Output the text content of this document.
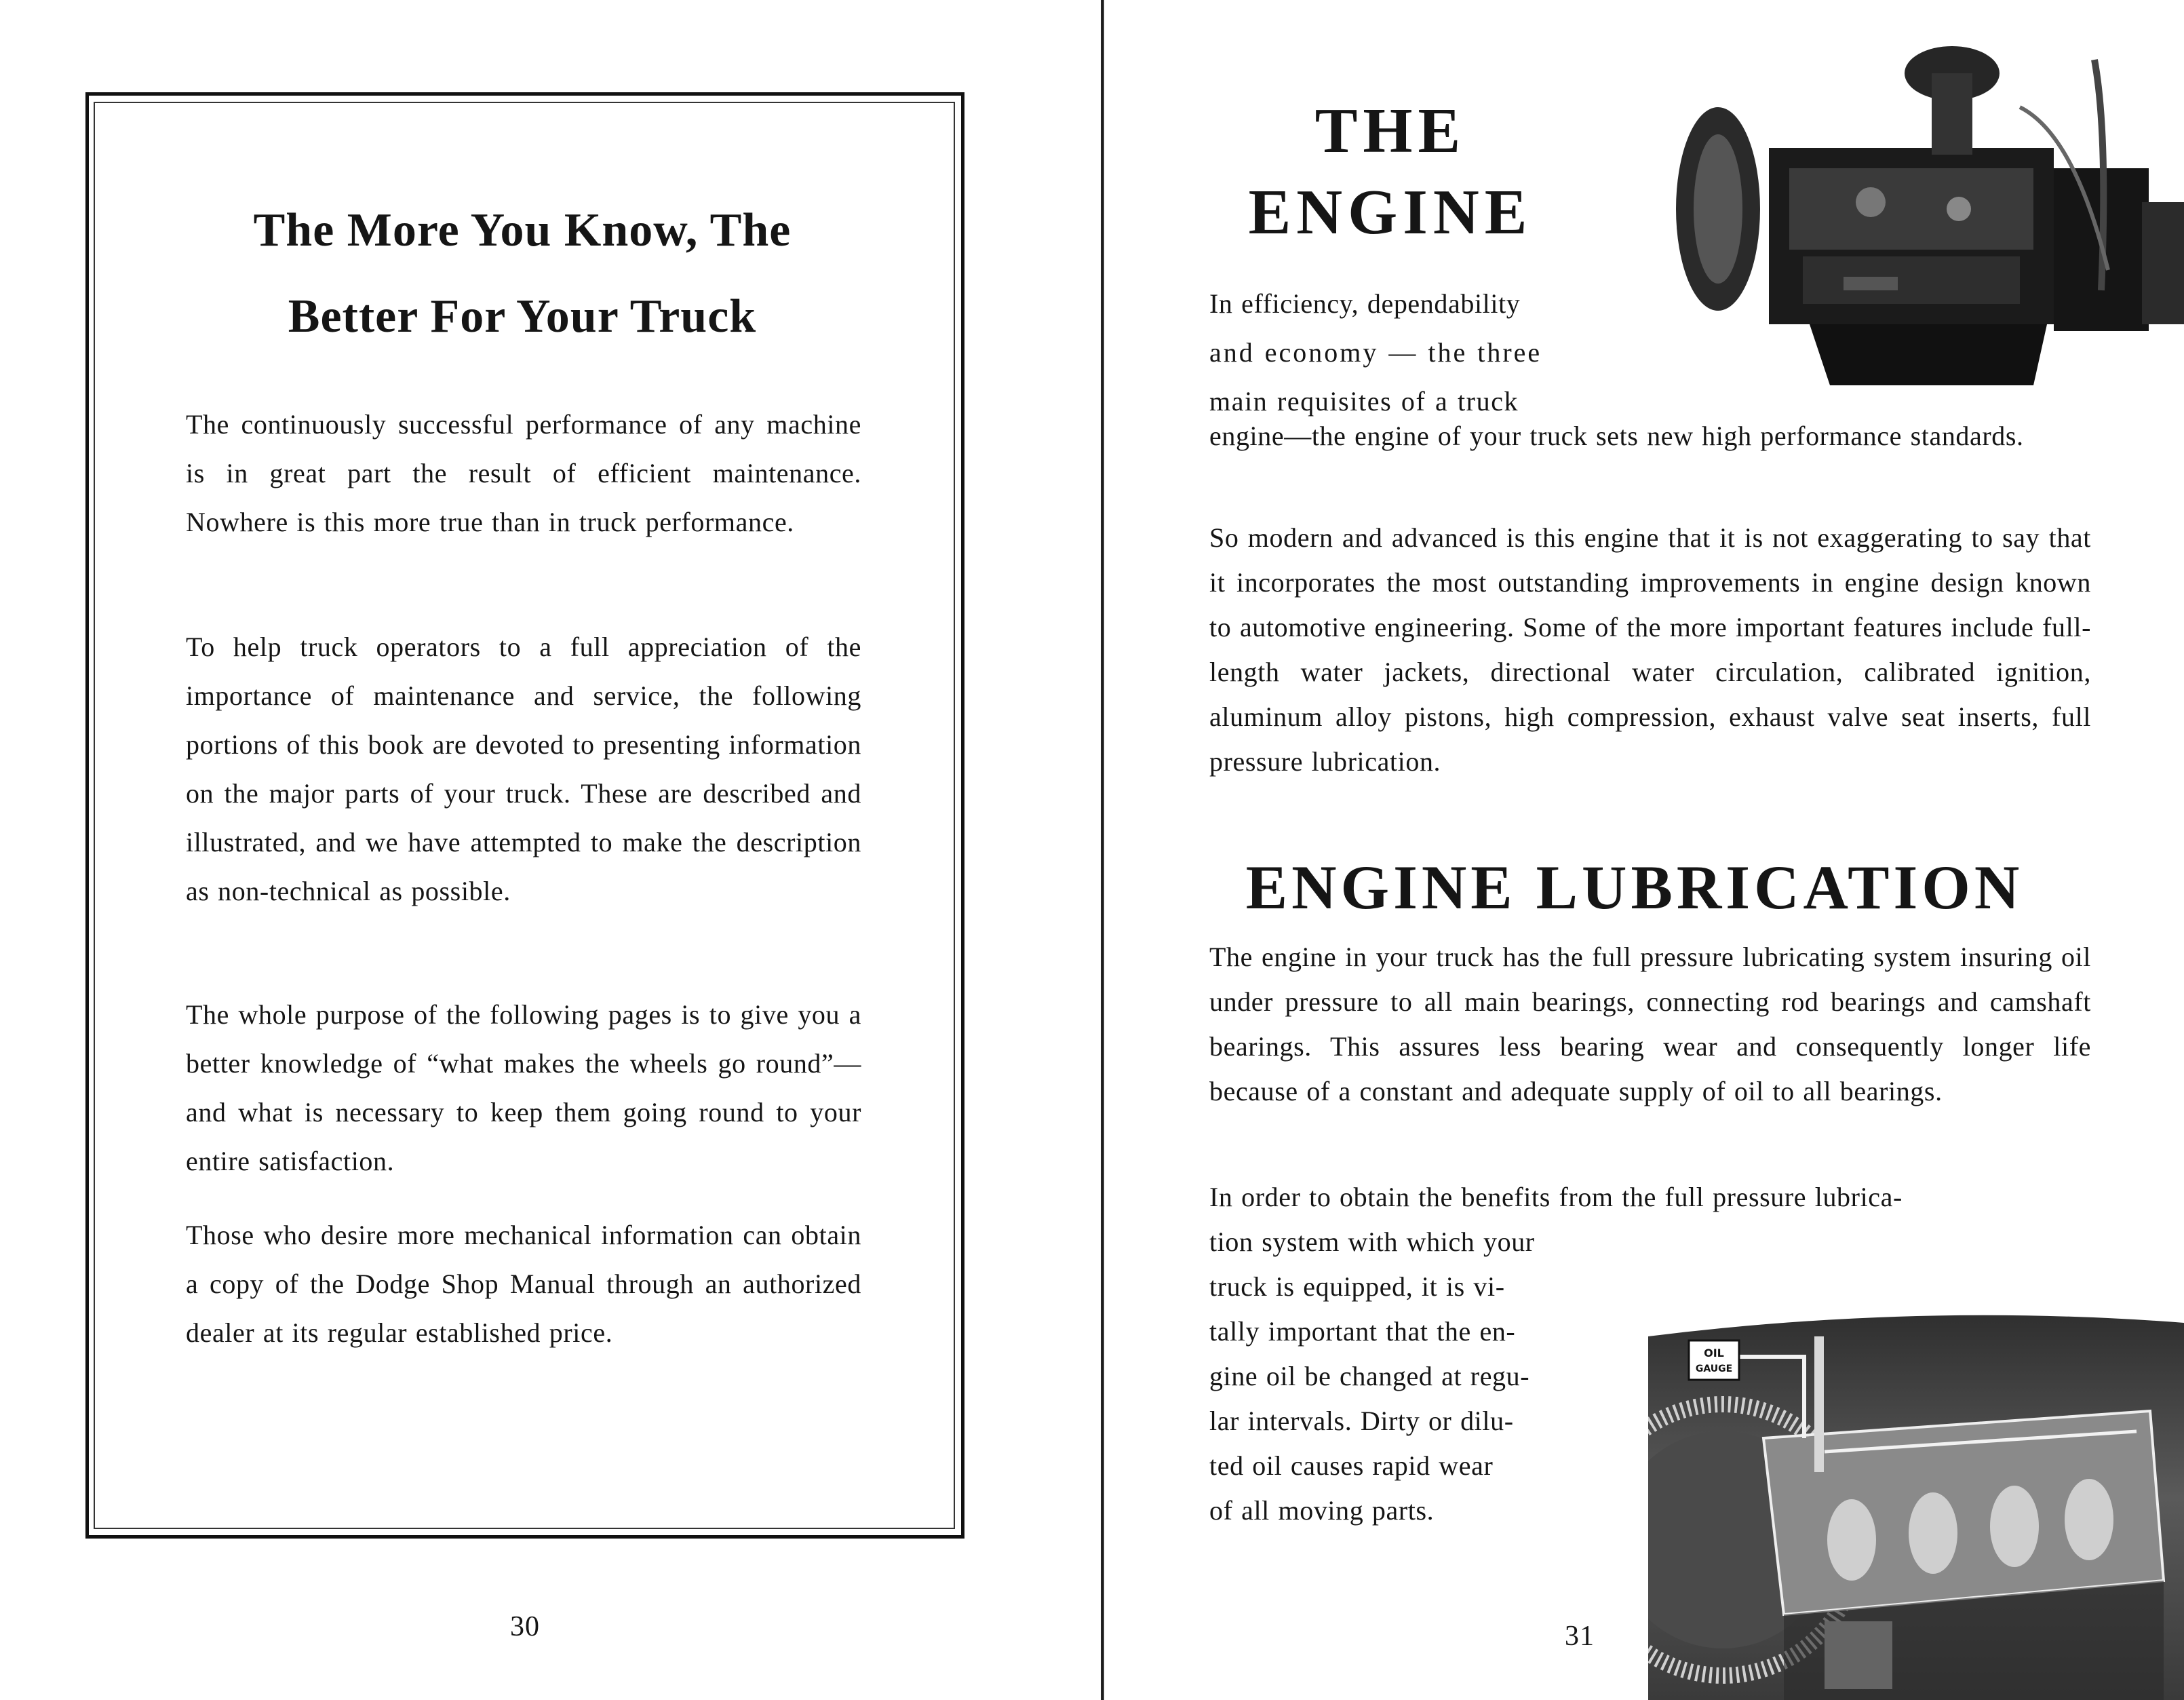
The More You Know, The
Better For Your Truck

The continuously successful performance of any machine is in great part the result of efficient maintenance. Nowhere is this more true than in truck performance.

To help truck operators to a full appreciation of the importance of maintenance and service, the following portions of this book are devoted to presenting information on the major parts of your truck. These are described and illustrated, and we have attempted to make the description as non-technical as possible.

The whole purpose of the following pages is to give you a better knowledge of “what makes the wheels go round”—and what is necessary to keep them going round to your entire satisfaction.

Those who desire more mechanical information can obtain a copy of the Dodge Shop Manual through an authorized dealer at its regular established price.

30
THE
ENGINE
In efficiency, dependability
and economy — the three
main requisites of a truck

engine—the engine of your truck sets new high performance standards.

So modern and advanced is this engine that it is not exaggerating to say that it incorporates the most outstanding improvements in engine design known to automotive engineering. Some of the more important features include full-length water jackets, directional water circulation, calibrated ignition, aluminum alloy pistons, high compression, exhaust valve seat inserts, full pressure lubrication.

ENGINE LUBRICATION

The engine in your truck has the full pressure lubricating system insuring oil under pressure to all main bearings, connecting rod bearings and camshaft bearings. This assures less bearing wear and consequently longer life because of a constant and adequate supply of oil to all bearings.

In order to obtain the benefits from the full pressure lubrica-

tion system with which your
truck is equipped, it is vi-
tally important that the en-
gine oil be changed at regu-
lar intervals. Dirty or dilu-
ted oil causes rapid wear
of all moving parts.
OIL
GAUGE
31
